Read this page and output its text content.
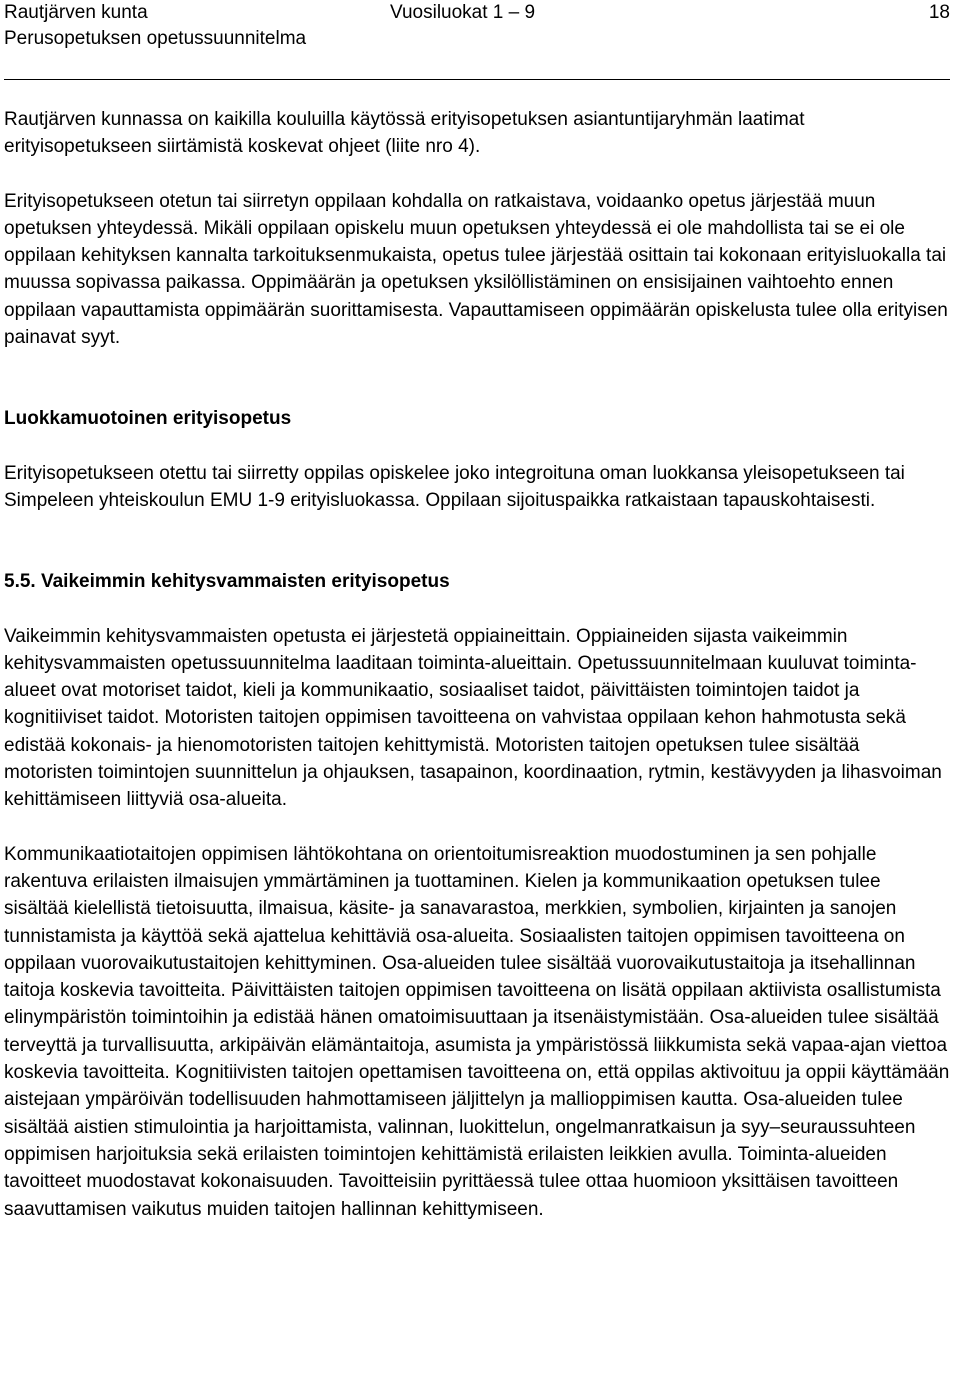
Rautjärven kunta
Perusopetuksen opetussuunnitelma
Vuosiluokat 1 – 9	18

Rautjärven kunnassa on kaikilla kouluilla käytössä erityisopetuksen asiantuntijaryhmän laatimat erityisopetukseen siirtämistä koskevat ohjeet (liite nro 4).

Erityisopetukseen otetun tai siirretyn oppilaan kohdalla on ratkaistava, voidaanko opetus järjestää muun opetuksen yhteydessä. Mikäli oppilaan opiskelu muun opetuksen yhteydessä ei ole mahdollista tai se ei ole oppilaan kehityksen kannalta tarkoituksenmukaista, opetus tulee järjestää osittain tai kokonaan erityisluokalla tai muussa sopivassa paikassa. Oppimäärän ja opetuksen yksilöllistäminen on ensisijainen vaihtoehto ennen oppilaan vapauttamista oppimäärän suorittamisesta. Vapauttamiseen oppimäärän opiskelusta tulee olla erityisen painavat syyt.

Luokkamuotoinen erityisopetus

Erityisopetukseen otettu tai siirretty oppilas opiskelee joko integroituna oman luokkansa yleisopetukseen tai Simpeleen yhteiskoulun EMU 1-9 erityisluokassa. Oppilaan sijoituspaikka ratkaistaan tapauskohtaisesti.

5.5. Vaikeimmin kehitysvammaisten erityisopetus

Vaikeimmin kehitysvammaisten opetusta ei järjestetä oppiaineittain. Oppiaineiden sijasta vaikeimmin kehitysvammaisten opetussuunnitelma laaditaan toiminta-alueittain. Opetussuunnitelmaan kuuluvat toiminta-alueet ovat motoriset taidot, kieli ja kommunikaatio, sosiaaliset taidot, päivittäisten toimintojen taidot ja kognitiiviset taidot. Motoristen taitojen oppimisen tavoitteena on vahvistaa oppilaan kehon hahmotusta sekä edistää kokonais- ja hienomotoristen taitojen kehittymistä. Motoristen taitojen opetuksen tulee sisältää motoristen toimintojen suunnittelun ja ohjauksen, tasapainon, koordinaation, rytmin, kestävyyden ja lihasvoiman kehittämiseen liittyviä osa-alueita.

Kommunikaatiotaitojen oppimisen lähtökohtana on orientoitumisreaktion muodostuminen ja sen pohjalle rakentuva erilaisten ilmaisujen ymmärtäminen ja tuottaminen. Kielen ja kommunikaation opetuksen tulee sisältää kielellistä tietoisuutta, ilmaisua, käsite- ja sanavarastoa, merkkien, symbolien, kirjainten ja sanojen tunnistamista ja käyttöä sekä ajattelua kehittäviä osa-alueita. Sosiaalisten taitojen oppimisen tavoitteena on oppilaan vuorovaikutustaitojen kehittyminen. Osa-alueiden tulee sisältää vuorovaikutustaitoja ja itsehallinnan taitoja koskevia tavoitteita. Päivittäisten taitojen oppimisen tavoitteena on lisätä oppilaan aktiivista osallistumista elinympäristön toimintoihin ja edistää hänen omatoimisuuttaan ja itsenäistymistään. Osa-alueiden tulee sisältää terveyttä ja turvallisuutta, arkipäivän elämäntaitoja, asumista ja ympäristössä liikkumista sekä vapaa-ajan viettoa koskevia tavoitteita. Kognitiivisten taitojen opettamisen tavoitteena on, että oppilas aktivoituu ja oppii käyttämään aistejaan ympäröivän todellisuuden hahmottamiseen jäljittelyn ja mallioppimisen kautta. Osa-alueiden tulee sisältää aistien stimulointia ja harjoittamista, valinnan, luokittelun, ongelmanratkaisun ja syy–seuraussuhteen oppimisen harjoituksia sekä erilaisten toimintojen kehittämistä erilaisten leikkien avulla. Toiminta-alueiden tavoitteet muodostavat kokonaisuuden. Tavoitteisiin pyrittäessä tulee ottaa huomioon yksittäisen tavoitteen saavuttamisen vaikutus muiden taitojen hallinnan kehittymiseen.
